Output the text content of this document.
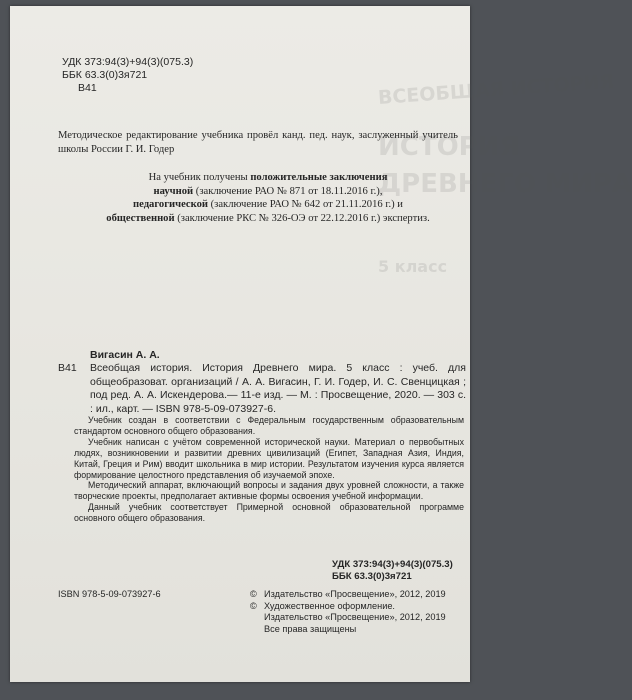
ВСЕОБЩАЯ ИСТОРИЯ
ИСТОРИЯ
ДРЕВНЕГО МИРА
5 класс
УДК 373:94(3)+94(3)(075.3)
ББК 63.3(0)3я721
В41
Методическое редактирование учебника провёл канд. пед. наук, заслуженный учитель школы России Г. И. Годер
На учебник получены положительные заключения
научной (заключение РАО № 871 от 18.11.2016 г.),
педагогической (заключение РАО № 642 от 21.11.2016 г.) и
общественной (заключение РКС № 326-ОЭ от 22.12.2016 г.) экспертиз.
Вигасин А. А.
В41 Всеобщая история. История Древнего мира. 5 класс : учеб. для общеобразоват. организаций / А. А. Вигасин, Г. И. Годер, И. С. Свенцицкая ; под ред. А. А. Искендерова.— 11-е изд. — М. : Просвещение, 2020. — 303 с. : ил., карт. — ISBN 978-5-09-073927-6.

Учебник создан в соответствии с Федеральным государственным образовательным стандартом основного общего образования.

Учебник написан с учётом современной исторической науки. Материал о первобытных людях, возникновении и развитии древних цивилизаций (Египет, Западная Азия, Индия, Китай, Греция и Рим) вводит школьника в мир истории. Результатом изучения курса является формирование целостного представления об изучаемой эпохе.

Методический аппарат, включающий вопросы и задания двух уровней сложности, а также творческие проекты, предполагает активные формы освоения учебной информации.

Данный учебник соответствует Примерной основной образовательной программе основного общего образования.

УДК 373:94(3)+94(3)(075.3)
ББК 63.3(0)3я721
ISBN 978-5-09-073927-6	© Издательство «Просвещение», 2012, 2019
© Художественное оформление.
Издательство «Просвещение», 2012, 2019
Все права защищены
